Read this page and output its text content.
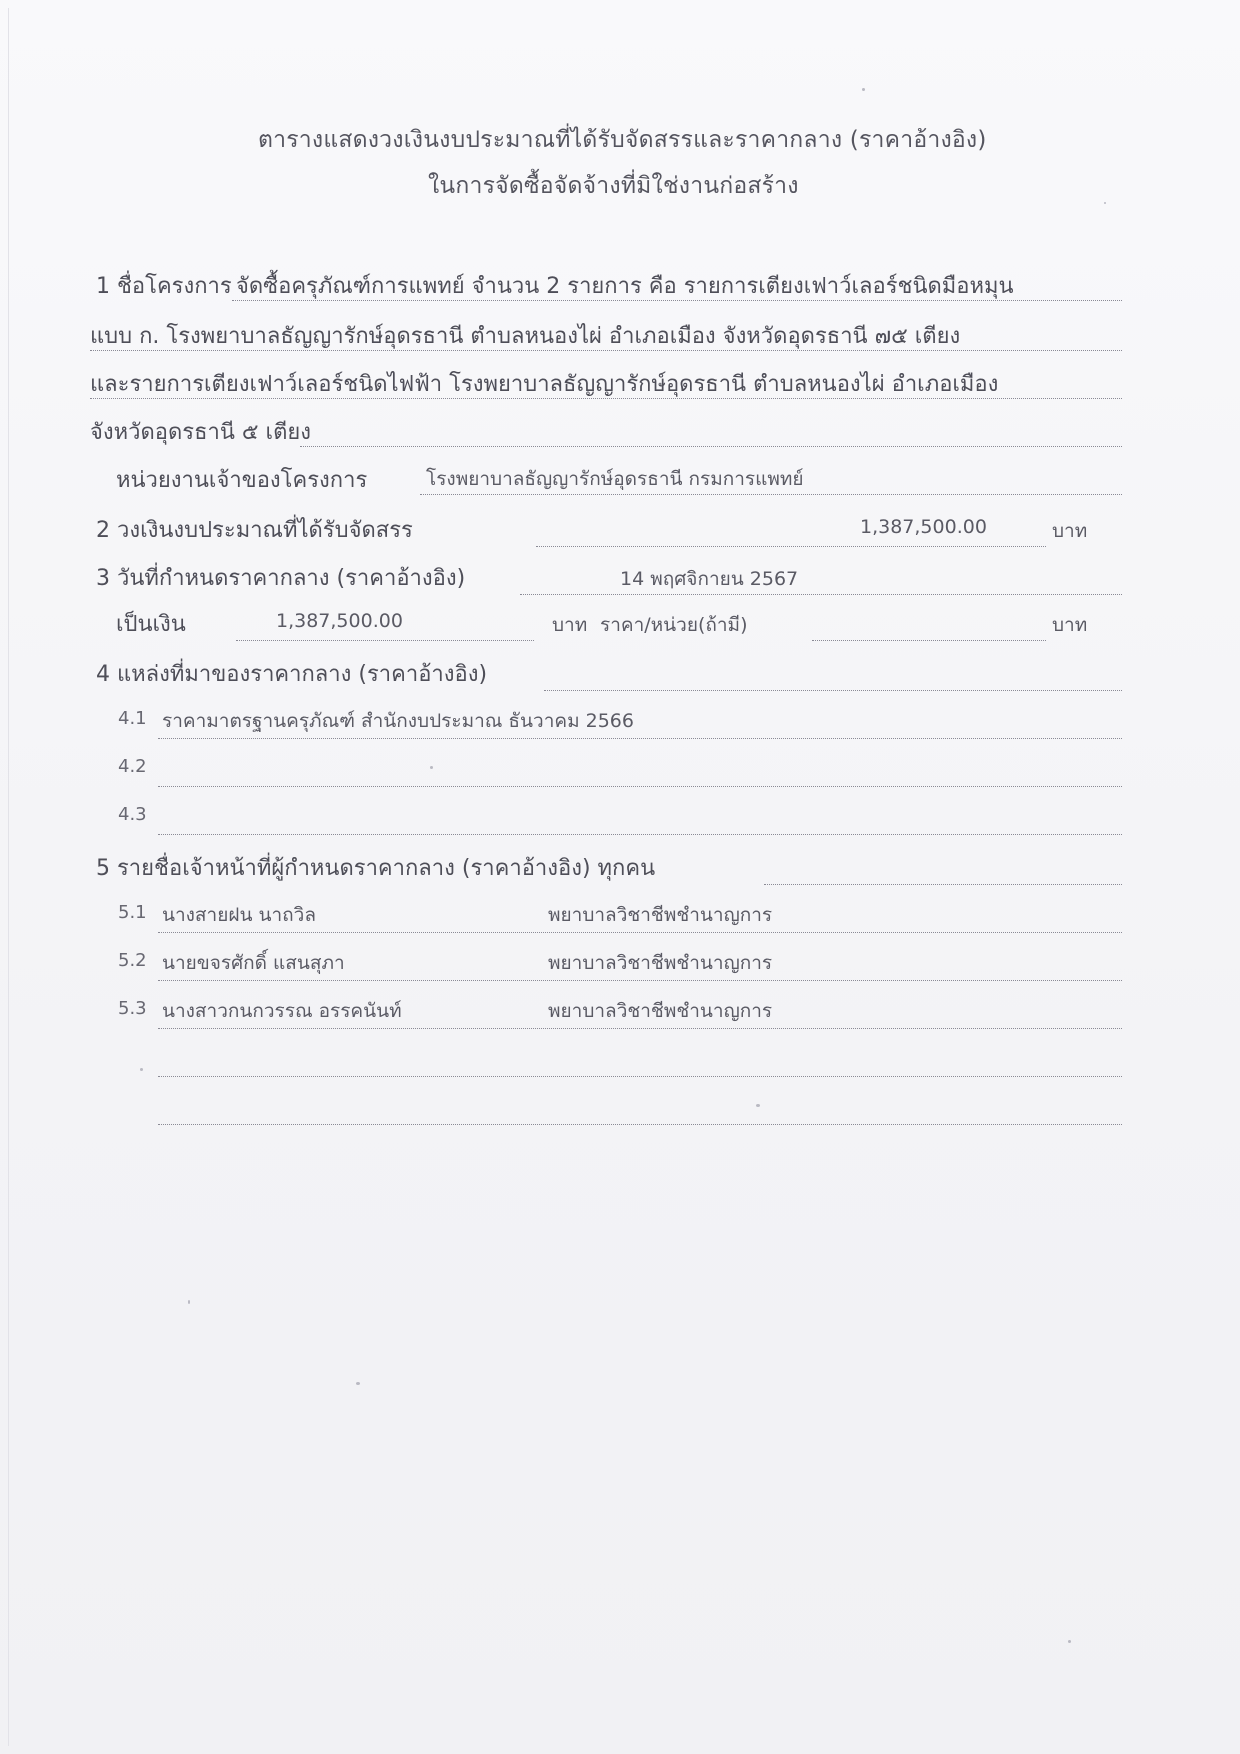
ตารางแสดงวงเงินงบประมาณที่ได้รับจัดสรรและราคากลาง (ราคาอ้างอิง)
ในการจัดซื้อจัดจ้างที่มิใช่งานก่อสร้าง
1 ชื่อโครงการ จัดซื้อครุภัณฑ์การแพทย์ จำนวน 2 รายการ คือ รายการเตียงเฟาว์เลอร์ชนิดมือหมุน
แบบ ก. โรงพยาบาลธัญญารักษ์อุดรธานี ตำบลหนองไผ่ อำเภอเมือง จังหวัดอุดรธานี ๗๕ เตียง
และรายการเตียงเฟาว์เลอร์ชนิดไฟฟ้า โรงพยาบาลธัญญารักษ์อุดรธานี ตำบลหนองไผ่ อำเภอเมือง
จังหวัดอุดรธานี ๕ เตียง
หน่วยงานเจ้าของโครงการ	โรงพยาบาลธัญญารักษ์อุดรธานี กรมการแพทย์
2 วงเงินงบประมาณที่ได้รับจัดสรร	1,387,500.00	บาท
3 วันที่กำหนดราคากลาง (ราคาอ้างอิง)	14 พฤศจิกายน 2567
เป็นเงิน	1,387,500.00	บาท ราคา/หน่วย(ถ้ามี)	บาท
4 แหล่งที่มาของราคากลาง (ราคาอ้างอิง)
4.1 ราคามาตรฐานครุภัณฑ์ สำนักงบประมาณ ธันวาคม 2566
4.2
4.3
5 รายชื่อเจ้าหน้าที่ผู้กำหนดราคากลาง (ราคาอ้างอิง) ทุกคน
5.1 นางสายฝน นาถวิล	พยาบาลวิชาชีพชำนาญการ
5.2 นายขจรศักดิ์ แสนสุภา	พยาบาลวิชาชีพชำนาญการ
5.3 นางสาวกนกวรรณ อรรคนันท์	พยาบาลวิชาชีพชำนาญการ
